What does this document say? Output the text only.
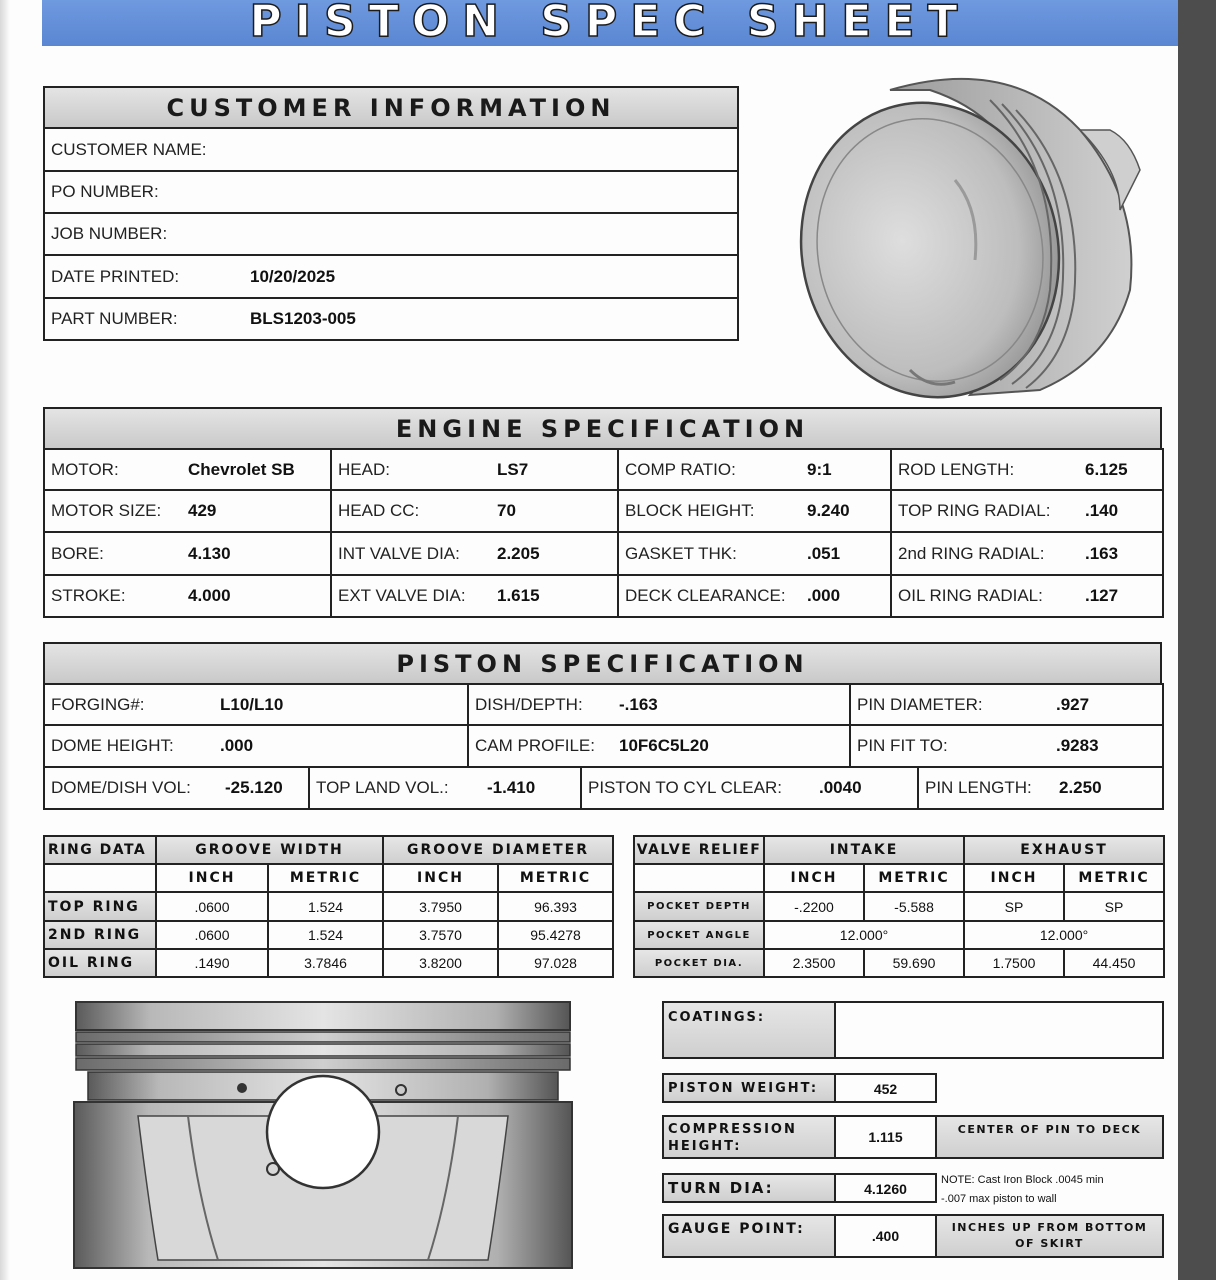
PISTON SPEC SHEET
CUSTOMER INFORMATION
CUSTOMER NAME:	
PO NUMBER:	
JOB NUMBER:	
DATE PRINTED:	10/20/2025
PART NUMBER:	BLS1203-005
ENGINE SPECIFICATION
MOTOR:	Chevrolet SB	HEAD:	LS7	COMP RATIO:	9:1	ROD LENGTH:	6.125
MOTOR SIZE:	429	HEAD CC:	70	BLOCK HEIGHT:	9.240	TOP RING RADIAL:	.140
BORE:	4.130	INT VALVE DIA:	2.205	GASKET THK:	.051	2nd RING RADIAL:	.163
STROKE:	4.000	EXT VALVE DIA:	1.615	DECK CLEARANCE:	.000	OIL RING RADIAL:	.127
PISTON SPECIFICATION
FORGING#:	L10/L10	DISH/DEPTH:	-.163	PIN DIAMETER:	.927
DOME HEIGHT:	.000	CAM PROFILE:	10F6C5L20	PIN FIT TO:	.9283
DOME/DISH VOL:	-25.120	TOP LAND VOL.:	-1.410	PISTON TO CYL CLEAR:	.0040	PIN LENGTH:	2.250
RING DATA	GROOVE WIDTH		GROOVE DIAMETER	
	INCH	METRIC	INCH	METRIC
TOP RING	.0600	1.524	3.7950	96.393
2ND RING	.0600	1.524	3.7570	95.4278
OIL RING	.1490	3.7846	3.8200	97.028
VALVE RELIEF	INTAKE		EXHAUST	
	INCH	METRIC	INCH	METRIC
POCKET DEPTH	-.2200	-5.588	SP	SP
POCKET ANGLE	12.000°		12.000°	
POCKET DIA.	2.3500	59.690	1.7500	44.450
COATINGS:
PISTON WEIGHT:	452
COMPRESSION HEIGHT:
1.115	CENTER OF PIN TO DECK
TURN DIA:	4.1260
NOTE: Cast Iron Block .0045 min
-.007 max piston to wall
GAUGE POINT:	.400
INCHES UP FROM BOTTOM OF SKIRT
